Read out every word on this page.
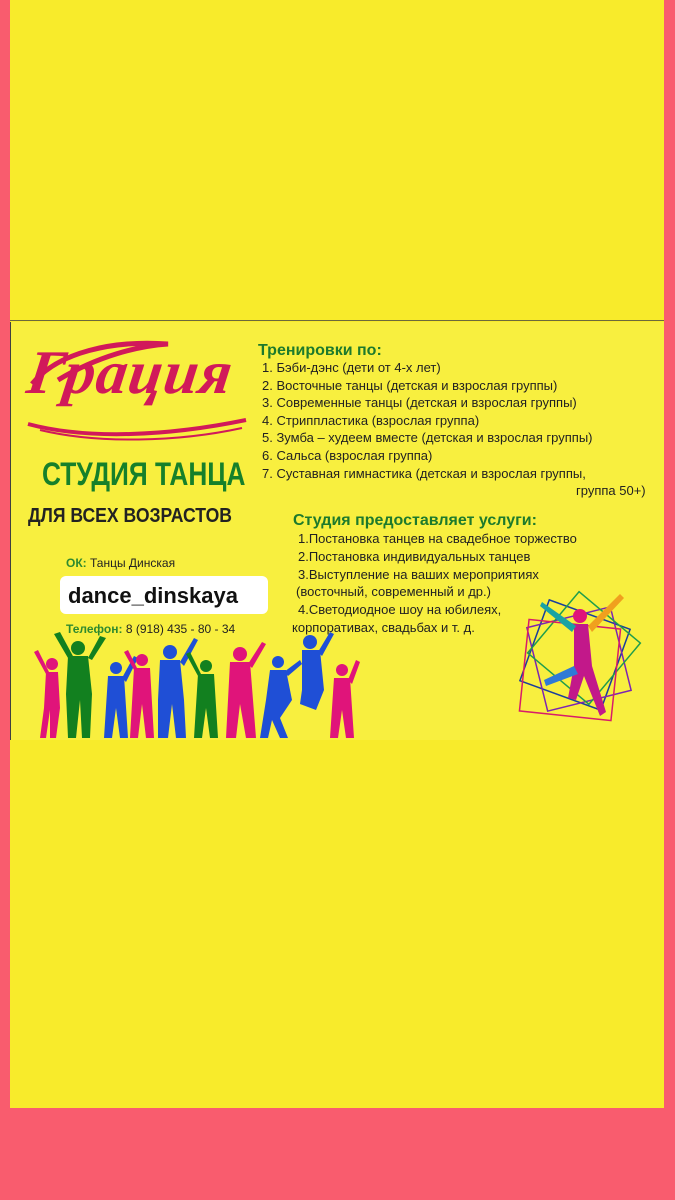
Грация
СТУДИЯ ТАНЦА
ДЛЯ ВСЕХ ВОЗРАСТОВ
ОК: Танцы Динская
dance_dinskaya
Телефон: 8 (918) 435 - 80 - 34
Тренировки по:
1. Бэби-дэнс (дети от 4-х лет)
2. Восточные танцы (детская и взрослая группы)
3. Современные танцы (детская и взрослая группы)
4. Стриппластика (взрослая группа)
5. Зумба – худеем вместе (детская и взрослая группы)
6. Сальса (взрослая группа)
7. Суставная гимнастика (детская и взрослая группы,
группа 50+)
Студия предоставляет услуги:
1.Постановка танцев на свадебное торжество
2.Постановка индивидуальных танцев
3.Выступление на ваших мероприятиях
(восточный, современный и др.)
4.Светодиодное шоу на юбилеях,
корпоративах, свадьбах и т. д.
